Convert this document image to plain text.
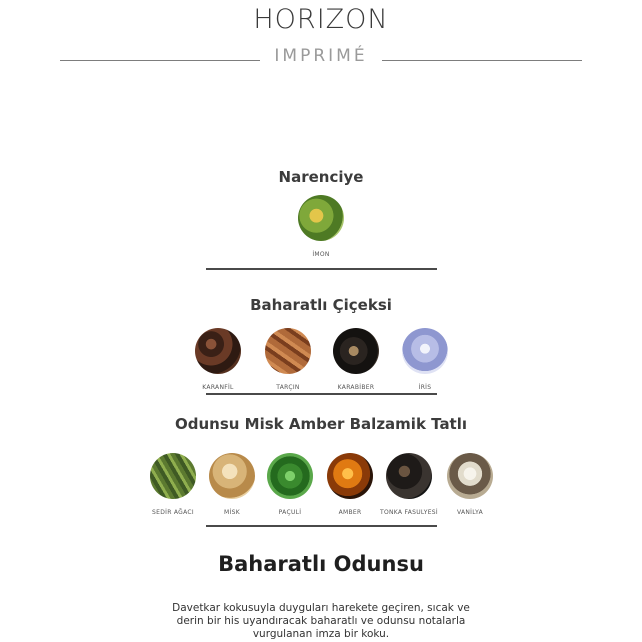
HORIZON
IMPRIMÉ
Narenciye
İMON
Baharatlı Çiçeksi
KARANFİL	TARÇIN	KARABİBER	İRİS
Odunsu Misk Amber Balzamik Tatlı
SEDİR AĞACI	MİSK	PAÇULİ	AMBER	TONKA FASULYESİ	VANİLYA
Baharatlı Odunsu
Davetkar kokusuyla duyguları harekete geçiren, sıcak ve
derin bir his uyandıracak baharatlı ve odunsu notalarla
vurgulanan imza bir koku.
